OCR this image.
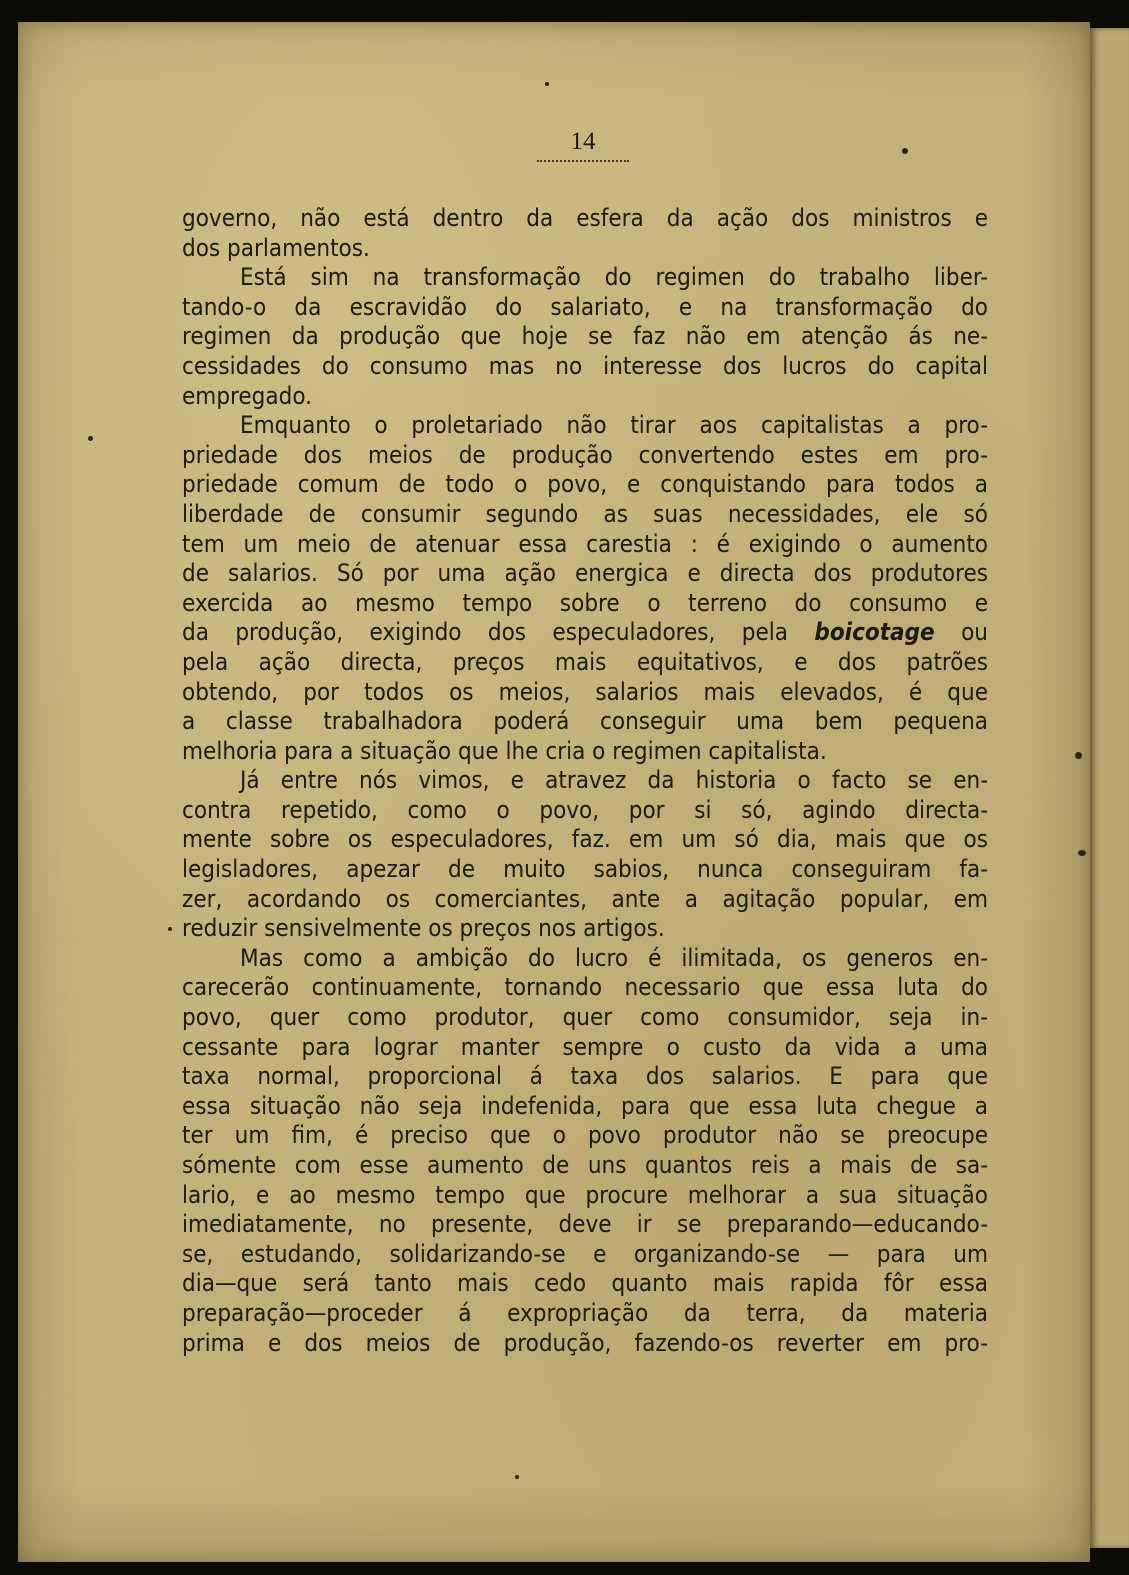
14
governo, não está dentro da esfera da ação dos ministros e
dos parlamentos.
Está sim na transformação do regimen do trabalho liber-
tando-o da escravidão do salariato, e na transformação do
regimen da produção que hoje se faz não em atenção ás ne-
cessidades do consumo mas no interesse dos lucros do capital
empregado.
Emquanto o proletariado não tirar aos capitalistas a pro-
priedade dos meios de produção convertendo estes em pro-
priedade comum de todo o povo, e conquistando para todos a
liberdade de consumir segundo as suas necessidades, ele só
tem um meio de atenuar essa carestia : é exigindo o aumento
de salarios. Só por uma ação energica e directa dos produtores
exercida ao mesmo tempo sobre o terreno do consumo e
da produção, exigindo dos especuladores, pela boicotage ou
pela ação directa, preços mais equitativos, e dos patrões
obtendo, por todos os meios, salarios mais elevados, é que
a classe trabalhadora poderá conseguir uma bem pequena
melhoria para a situação que lhe cria o regimen capitalista.
Já entre nós vimos, e atravez da historia o facto se en-
contra repetido, como o povo, por si só, agindo directa-
mente sobre os especuladores, faz. em um só dia, mais que os
legisladores, apezar de muito sabios, nunca conseguiram fa-
zer, acordando os comerciantes, ante a agitação popular, em
reduzir sensivelmente os preços nos artigos.
Mas como a ambição do lucro é ilimitada, os generos en-
carecerão continuamente, tornando necessario que essa luta do
povo, quer como produtor, quer como consumidor, seja in-
cessante para lograr manter sempre o custo da vida a uma
taxa normal, proporcional á taxa dos salarios. E para que
essa situação não seja indefenida, para que essa luta chegue a
ter um fim, é preciso que o povo produtor não se preocupe
sómente com esse aumento de uns quantos reis a mais de sa-
lario, e ao mesmo tempo que procure melhorar a sua situação
imediatamente, no presente, deve ir se preparando—educando-
se, estudando, solidarizando-se e organizando-se — para um
dia—que será tanto mais cedo quanto mais rapida fôr essa
preparação—proceder á expropriação da terra, da materia
prima e dos meios de produção, fazendo-os reverter em pro-
